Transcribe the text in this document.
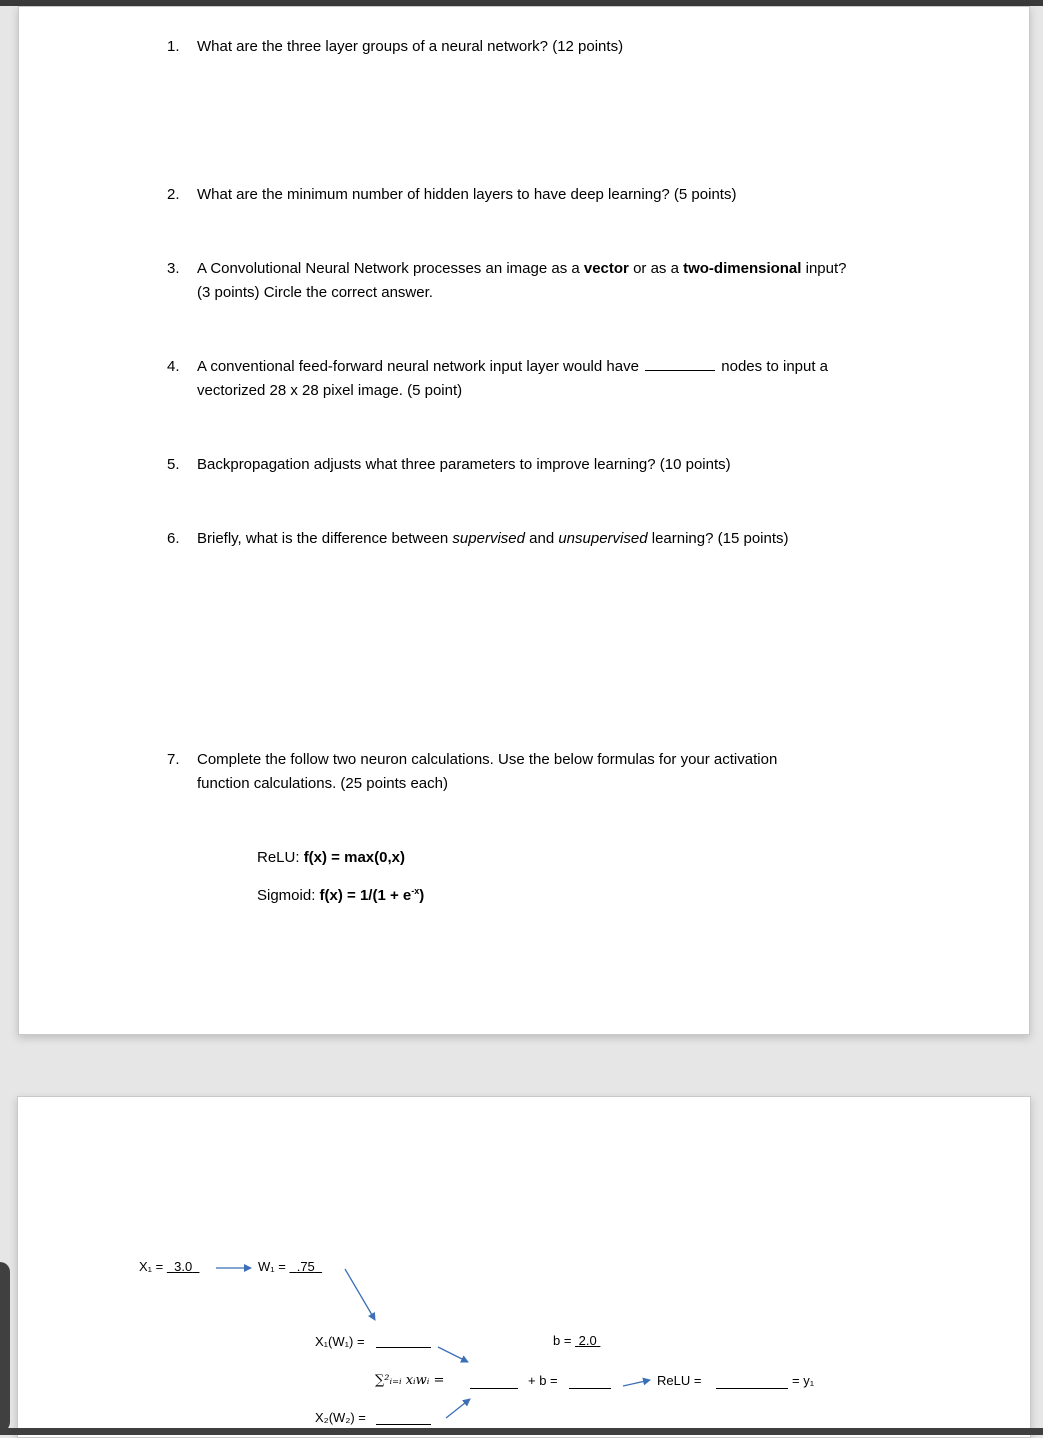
1.	What are the three layer groups of a neural network? (12 points)
2.	What are the minimum number of hidden layers to have deep learning? (5 points)
3.	A Convolutional Neural Network processes an image as a vector or as a two-dimensional input?
(3 points) Circle the correct answer.
4.	A conventional feed-forward neural network input layer would have	nodes to input a
vectorized 28 x 28 pixel image. (5 point)
5.	Backpropagation adjusts what three parameters to improve learning? (10 points)
6.	Briefly, what is the difference between supervised and unsupervised learning? (15 points)
7.	Complete the follow two neuron calculations. Use the below formulas for your activation
function calculations. (25 points each)
ReLU: f(x) = max(0,x)
Sigmoid: $f(x) = 1/(1 + e^{-x})$
X₁ =   3.0	W₁ =   .75
X₁(W₁) =
X₂(W₂) =
∑²ᵢ₌ᵢ xᵢwᵢ =
b =  2.0
+ b =	ReLU =	= y₁
